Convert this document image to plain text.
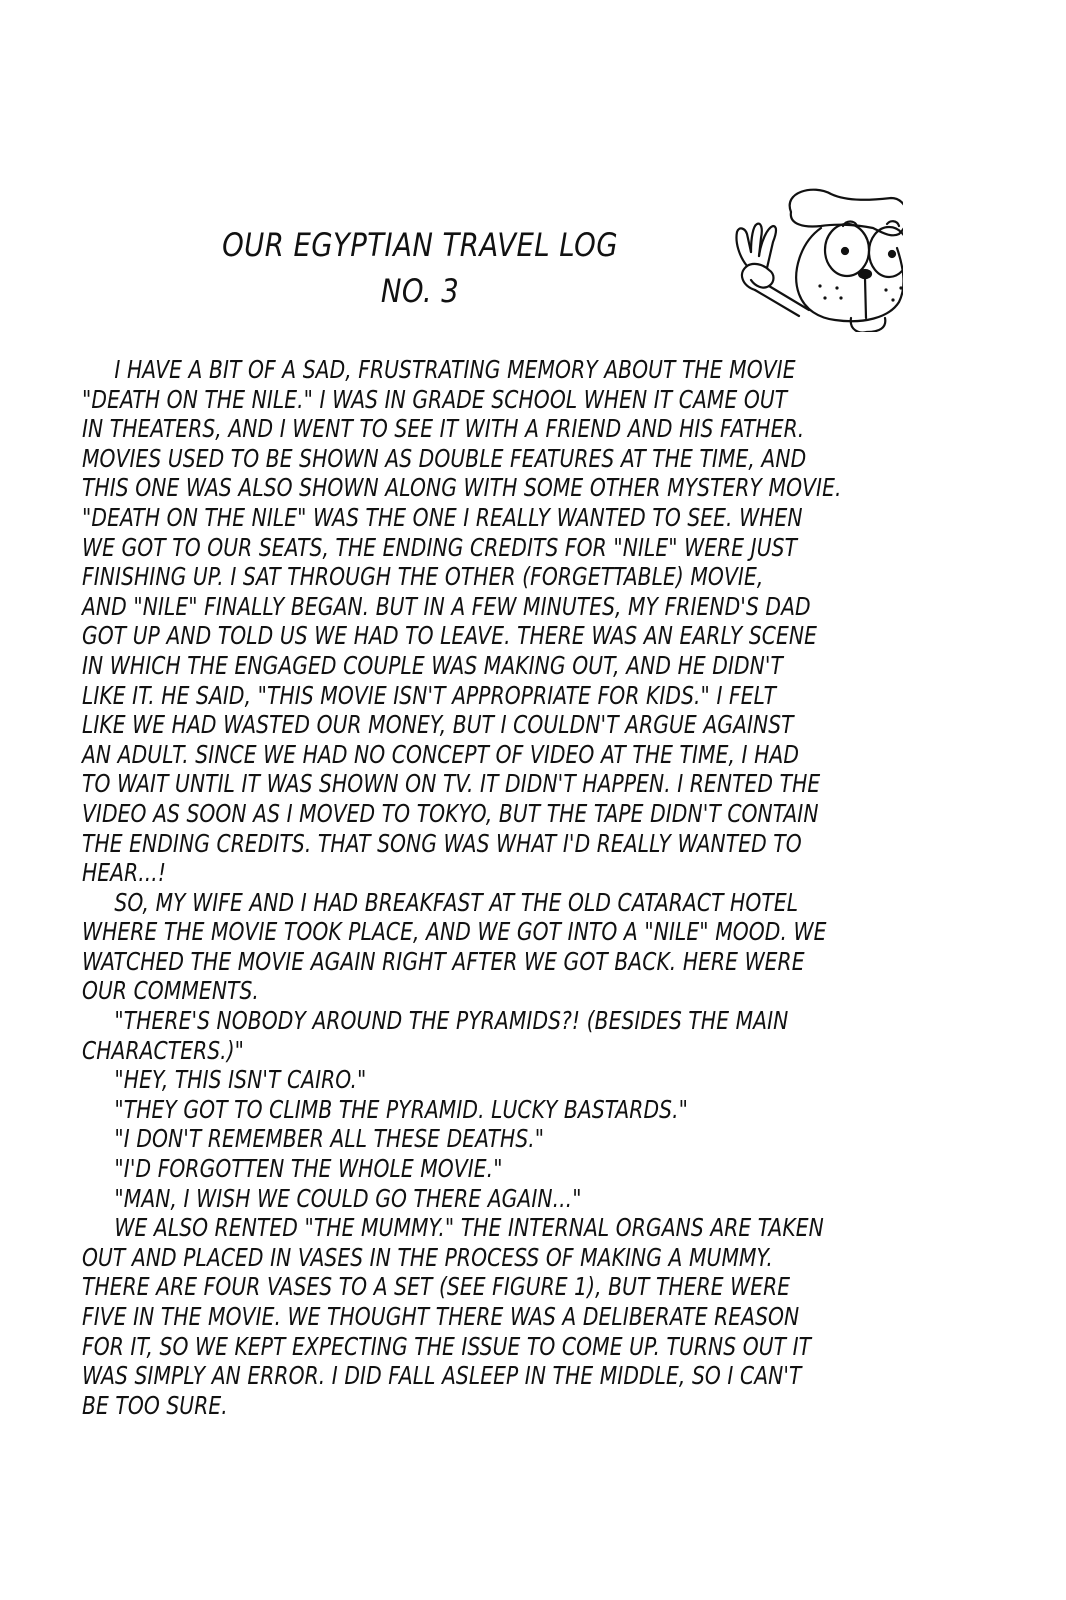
OUR EGYPTIAN TRAVEL LOG
NO. 3
I HAVE A BIT OF A SAD, FRUSTRATING MEMORY ABOUT THE MOVIE
"DEATH ON THE NILE." I WAS IN GRADE SCHOOL WHEN IT CAME OUT
IN THEATERS, AND I WENT TO SEE IT WITH A FRIEND AND HIS FATHER.
MOVIES USED TO BE SHOWN AS DOUBLE FEATURES AT THE TIME, AND
THIS ONE WAS ALSO SHOWN ALONG WITH SOME OTHER MYSTERY MOVIE.
"DEATH ON THE NILE" WAS THE ONE I REALLY WANTED TO SEE. WHEN
WE GOT TO OUR SEATS, THE ENDING CREDITS FOR "NILE" WERE JUST
FINISHING UP. I SAT THROUGH THE OTHER (FORGETTABLE) MOVIE,
AND "NILE" FINALLY BEGAN. BUT IN A FEW MINUTES, MY FRIEND'S DAD
GOT UP AND TOLD US WE HAD TO LEAVE. THERE WAS AN EARLY SCENE
IN WHICH THE ENGAGED COUPLE WAS MAKING OUT, AND HE DIDN'T
LIKE IT. HE SAID, "THIS MOVIE ISN'T APPROPRIATE FOR KIDS." I FELT
LIKE WE HAD WASTED OUR MONEY, BUT I COULDN'T ARGUE AGAINST
AN ADULT. SINCE WE HAD NO CONCEPT OF VIDEO AT THE TIME, I HAD
TO WAIT UNTIL IT WAS SHOWN ON TV. IT DIDN'T HAPPEN. I RENTED THE
VIDEO AS SOON AS I MOVED TO TOKYO, BUT THE TAPE DIDN'T CONTAIN
THE ENDING CREDITS. THAT SONG WAS WHAT I'D REALLY WANTED TO
HEAR...!
SO, MY WIFE AND I HAD BREAKFAST AT THE OLD CATARACT HOTEL
WHERE THE MOVIE TOOK PLACE, AND WE GOT INTO A "NILE" MOOD. WE
WATCHED THE MOVIE AGAIN RIGHT AFTER WE GOT BACK. HERE WERE
OUR COMMENTS.
"THERE'S NOBODY AROUND THE PYRAMIDS?! (BESIDES THE MAIN
CHARACTERS.)"
"HEY, THIS ISN'T CAIRO."
"THEY GOT TO CLIMB THE PYRAMID. LUCKY BASTARDS."
"I DON'T REMEMBER ALL THESE DEATHS."
"I'D FORGOTTEN THE WHOLE MOVIE."
"MAN, I WISH WE COULD GO THERE AGAIN..."
WE ALSO RENTED "THE MUMMY." THE INTERNAL ORGANS ARE TAKEN
OUT AND PLACED IN VASES IN THE PROCESS OF MAKING A MUMMY.
THERE ARE FOUR VASES TO A SET (SEE FIGURE 1), BUT THERE WERE
FIVE IN THE MOVIE. WE THOUGHT THERE WAS A DELIBERATE REASON
FOR IT, SO WE KEPT EXPECTING THE ISSUE TO COME UP. TURNS OUT IT
WAS SIMPLY AN ERROR. I DID FALL ASLEEP IN THE MIDDLE, SO I CAN'T
BE TOO SURE.
